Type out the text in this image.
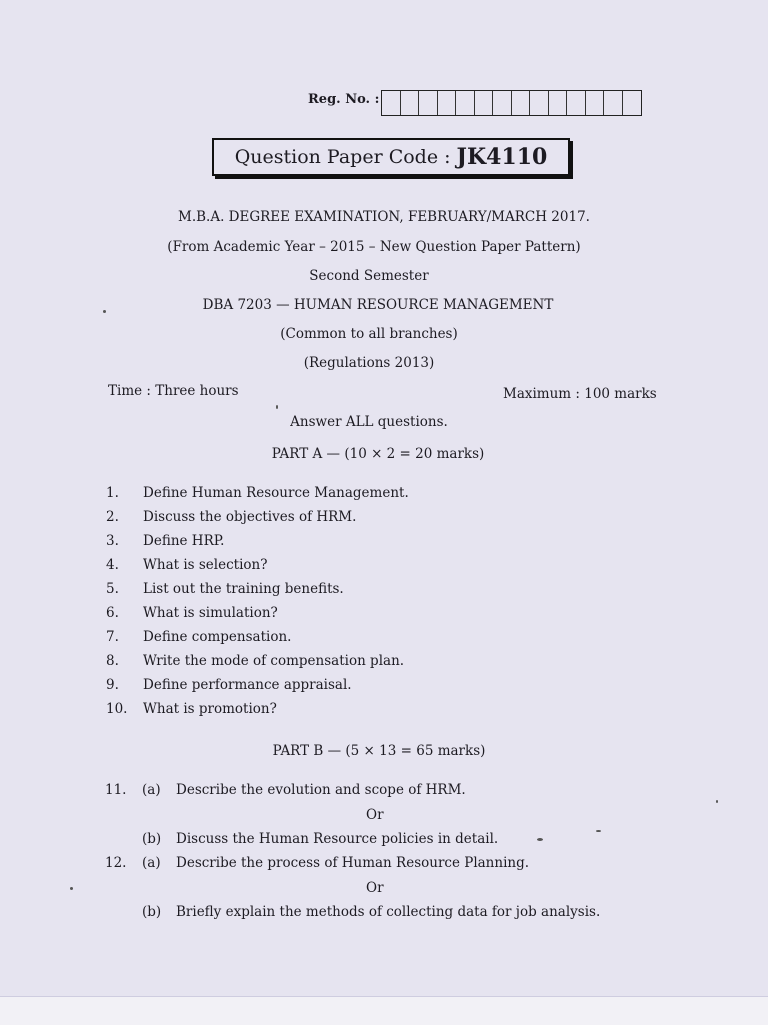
Reg. No. :
Question Paper Code : JK4110
M.B.A. DEGREE EXAMINATION, FEBRUARY/MARCH 2017.
(From Academic Year – 2015 – New Question Paper Pattern)
Second Semester
DBA 7203 — HUMAN RESOURCE MANAGEMENT
(Common to all branches)
(Regulations 2013)
Time : Three hours	Maximum : 100 marks
Answer ALL questions.
PART A — (10 × 2 = 20 marks)
1. Define Human Resource Management.
2. Discuss the objectives of HRM.
3. Define HRP.
4. What is selection?
5. List out the training benefits.
6. What is simulation?
7. Define compensation.
8. Write the mode of compensation plan.
9. Define performance appraisal.
10. What is promotion?
PART B — (5 × 13 = 65 marks)
11. (a) Describe the evolution and scope of HRM.
Or
(b) Discuss the Human Resource policies in detail.
12. (a) Describe the process of Human Resource Planning.
Or
(b) Briefly explain the methods of collecting data for job analysis.
